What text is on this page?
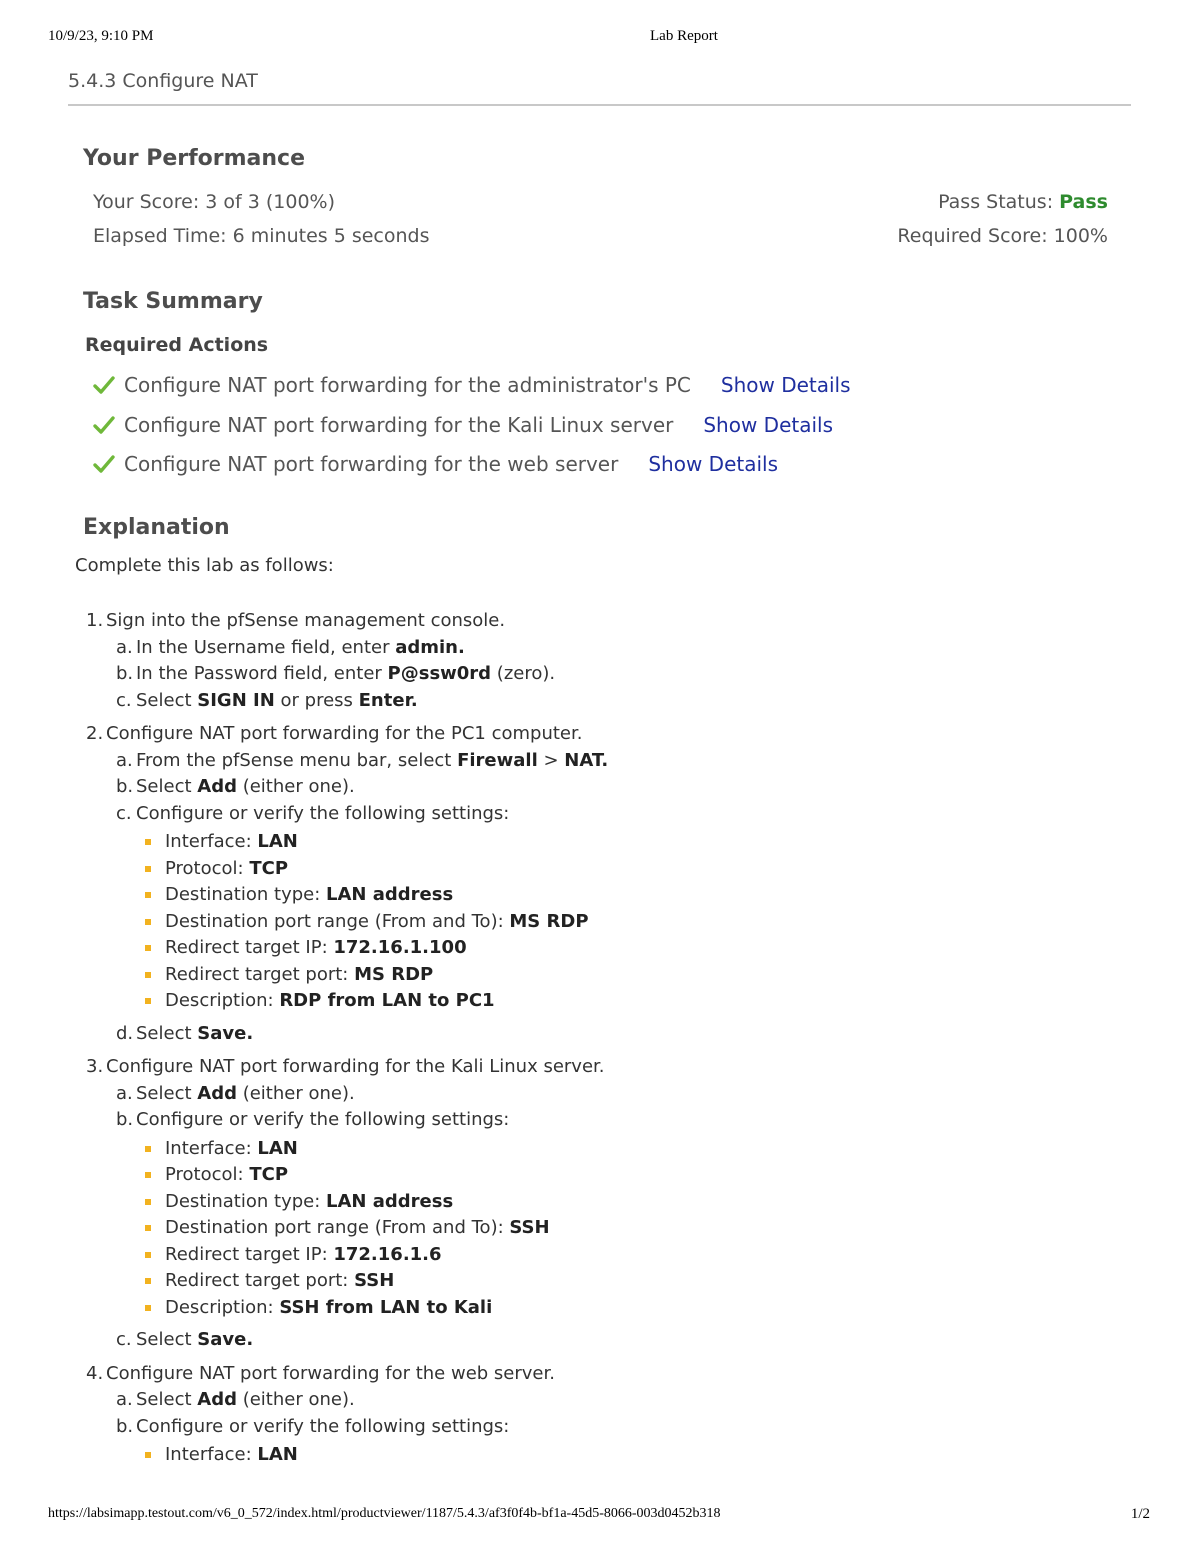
10/9/23, 9:10 PM	Lab Report
5.4.3 Configure NAT
Your Performance
Your Score: 3 of 3 (100%)
Elapsed Time: 6 minutes 5 seconds
Pass Status: Pass
Required Score: 100%
Task Summary
Required Actions
Configure NAT port forwarding for the administrator's PC Show Details
Configure NAT port forwarding for the Kali Linux server Show Details
Configure NAT port forwarding for the web server Show Details
Explanation
Complete this lab as follows:
1. Sign into the pfSense management console.
a. In the Username field, enter admin.
b. In the Password field, enter P@ssw0rd (zero).
c. Select SIGN IN or press Enter.
2. Configure NAT port forwarding for the PC1 computer.
a. From the pfSense menu bar, select Firewall > NAT.
b. Select Add (either one).
c. Configure or verify the following settings:
Interface: LAN
Protocol: TCP
Destination type: LAN address
Destination port range (From and To): MS RDP
Redirect target IP: 172.16.1.100
Redirect target port: MS RDP
Description: RDP from LAN to PC1
d. Select Save.
3. Configure NAT port forwarding for the Kali Linux server.
a. Select Add (either one).
b. Configure or verify the following settings:
Interface: LAN
Protocol: TCP
Destination type: LAN address
Destination port range (From and To): SSH
Redirect target IP: 172.16.1.6
Redirect target port: SSH
Description: SSH from LAN to Kali
c. Select Save.
4. Configure NAT port forwarding for the web server.
a. Select Add (either one).
b. Configure or verify the following settings:
Interface: LAN
https://labsimapp.testout.com/v6_0_572/index.html/productviewer/1187/5.4.3/af3f0f4b-bf1a-45d5-8066-003d0452b318	1/2
